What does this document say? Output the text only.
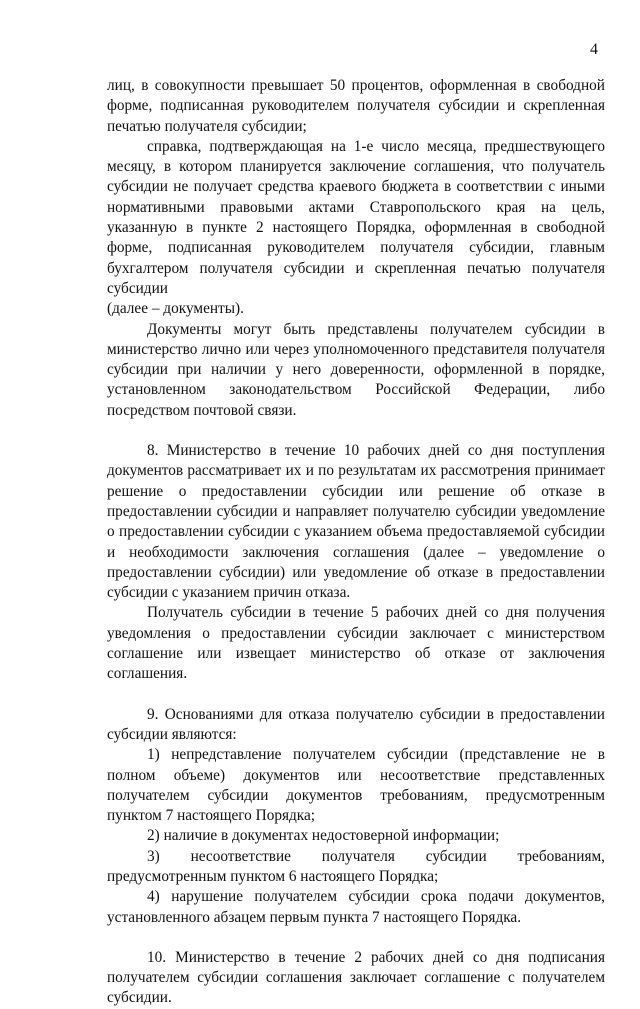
4

лиц, в совокупности превышает 50 процентов, оформленная в свободной форме, подписанная руководителем получателя субсидии и скрепленная печатью получателя субсидии;

справка, подтверждающая на 1-е число месяца, предшествующего месяцу, в котором планируется заключение соглашения, что получатель субсидии не получает средства краевого бюджета в соответствии с иными нормативными правовыми актами Ставропольского края на цель, указанную в пункте 2 настоящего Порядка, оформленная в свободной форме, подписанная руководителем получателя субсидии, главным бухгалтером получателя субсидии и скрепленная печатью получателя субсидии

(далее – документы).

Документы могут быть представлены получателем субсидии в министерство лично или через уполномоченного представителя получателя субсидии при наличии у него доверенности, оформленной в порядке, установленном законодательством Российской Федерации, либо посредством почтовой связи.

8. Министерство в течение 10 рабочих дней со дня поступления документов рассматривает их и по результатам их рассмотрения принимает решение о предоставлении субсидии или решение об отказе в предоставлении субсидии и направляет получателю субсидии уведомление о предоставлении субсидии с указанием объема предоставляемой субсидии и необходимости заключения соглашения (далее – уведомление о предоставлении субсидии) или уведомление об отказе в предоставлении субсидии с указанием причин отказа.

Получатель субсидии в течение 5 рабочих дней со дня получения уведомления о предоставлении субсидии заключает с министерством соглашение или извещает министерство об отказе от заключения соглашения.

9. Основаниями для отказа получателю субсидии в предоставлении субсидии являются:

1) непредставление получателем субсидии (представление не в полном объеме) документов или несоответствие представленных получателем субсидии документов требованиям, предусмотренным пунктом 7 настоящего Порядка;

2) наличие в документах недостоверной информации;

3) несоответствие получателя субсидии требованиям, предусмотренным пунктом 6 настоящего Порядка;

4) нарушение получателем субсидии срока подачи документов, установленного абзацем первым пункта 7 настоящего Порядка.

10. Министерство в течение 2 рабочих дней со дня подписания получателем субсидии соглашения заключает соглашение с получателем субсидии.
